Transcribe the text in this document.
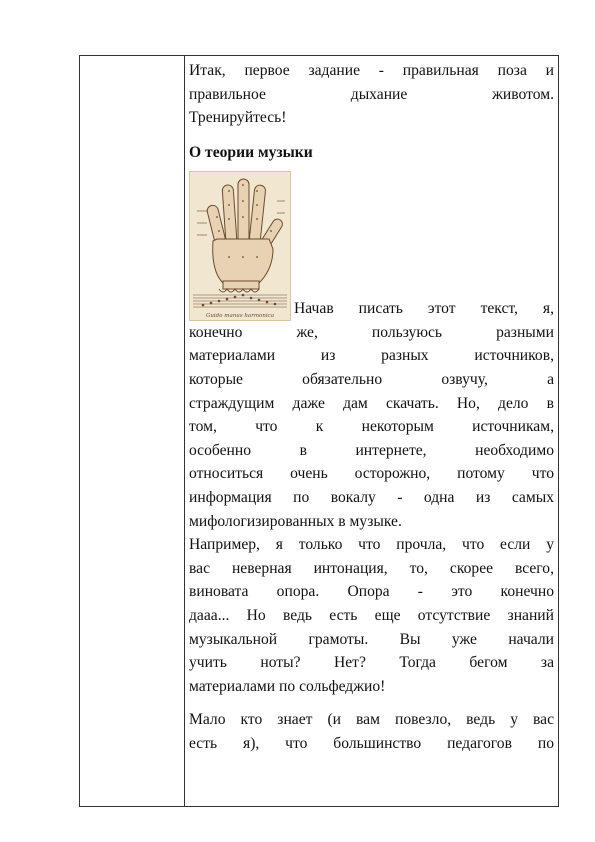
Итак, первое задание - правильная поза и
правильное дыхание животом.
Тренируйтесь!
О теории музыки
Guido manus harmonica Начав писать этот текст, я,

конечно же, пользуюсь разными
материалами из разных источников,
которые обязательно озвучу, а
страждущим даже дам скачать. Но, дело в
том, что к некоторым источникам,
особенно в интернете, необходимо
относиться очень осторожно, потому что
информация по вокалу - одна из самых
мифологизированных в музыке.
Например, я только что прочла, что если у
вас неверная интонация, то, скорее всего,
виновата опора. Опора - это конечно
дааа... Но ведь есть еще отсутствие знаний
музыкальной грамоты. Вы уже начали
учить ноты? Нет? Тогда бегом за
материалами по сольфеджио!
Мало кто знает (и вам повезло, ведь у вас
есть я), что большинство педагогов по
